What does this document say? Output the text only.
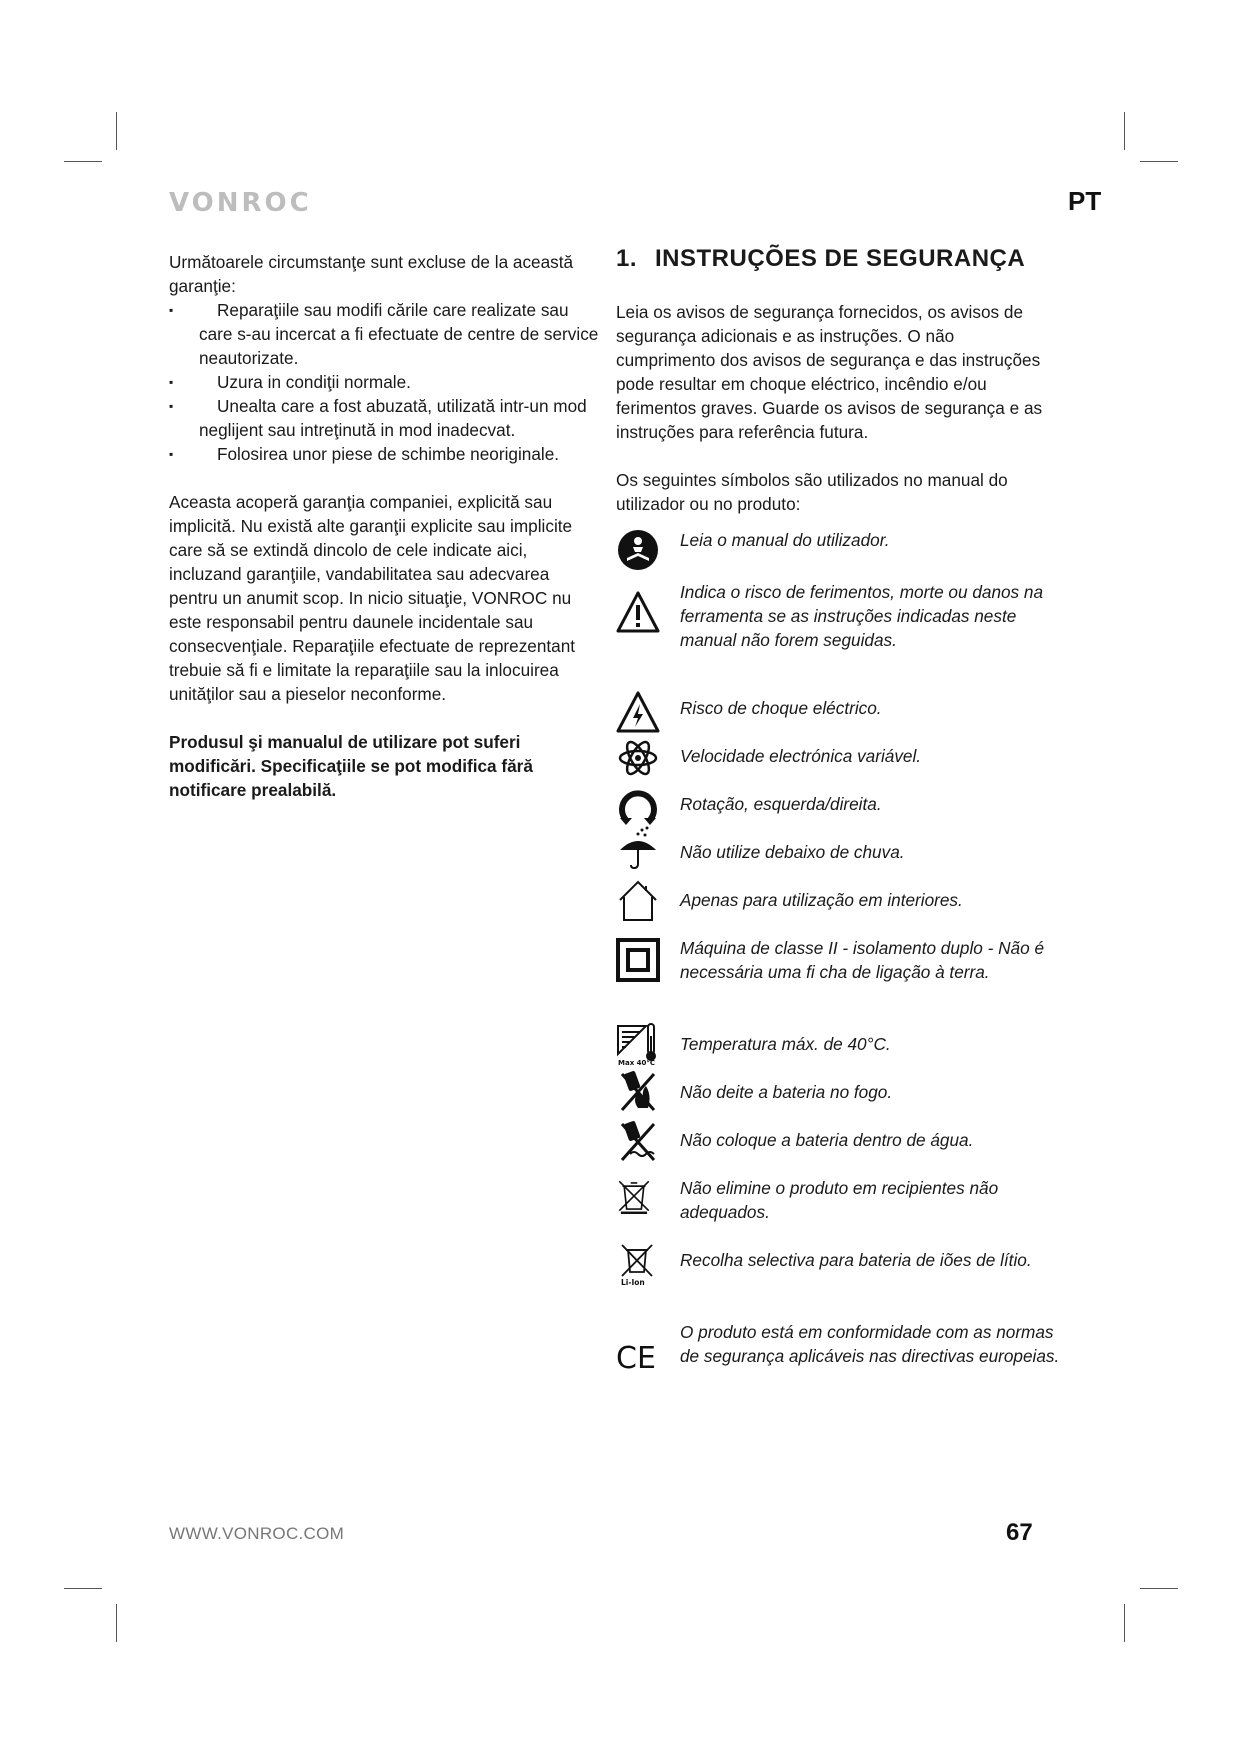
VONROC	PT

Următoarele circumstanţe sunt excluse de la această garanţie:

▪ Reparaţiile sau modifi cările care realizate sau care s-au incercat a fi efectuate de centre de service neautorizate.
▪ Uzura in condiţii normale.
▪ Unealta care a fost abuzată, utilizată intr-un mod neglijent sau intreţinută in mod inadecvat.
▪ Folosirea unor piese de schimbe neoriginale.

Aceasta acoperă garanţia companiei, explicită sau implicită. Nu există alte garanţii explicite sau implicite care să se extindă dincolo de cele indicate aici, incluzand garanţiile, vandabilitatea sau adecvarea pentru un anumit scop. In nicio situaţie, VONROC nu este responsabil pentru daunele incidentale sau consecvenţiale. Reparaţiile efectuate de reprezentant trebuie să fi e limitate la reparaţiile sau la inlocuirea unităţilor sau a pieselor neconforme.

Produsul şi manualul de utilizare pot suferi modificări. Specificaţiile se pot modifica fără notificare prealabilă.

1. INSTRUÇÕES DE SEGURANÇA

Leia os avisos de segurança fornecidos, os avisos de segurança adicionais e as instruções. O não cumprimento dos avisos de segurança e das instruções pode resultar em choque eléctrico, incêndio e/ou ferimentos graves. Guarde os avisos de segurança e as instruções para referência futura.

Os seguintes símbolos são utilizados no manual do utilizador ou no produto:

Leia o manual do utilizador.
Indica o risco de ferimentos, morte ou danos na ferramenta se as instruções indicadas neste manual não forem seguidas.
Risco de choque eléctrico.
Velocidade electrónica variável.
Rotação, esquerda/direita.
Não utilize debaixo de chuva.
Apenas para utilização em interiores.
Máquina de classe II - isolamento duplo - Não é necessária uma fi cha de ligação à terra.
Max 40°C
Temperatura máx. de 40°C.
Não deite a bateria no fogo.
Não coloque a bateria dentro de água.
Não elimine o produto em recipientes não adequados.
Li-Ion
Recolha selectiva para bateria de iões de lítio.
CE
O produto está em conformidade com as normas de segurança aplicáveis nas directivas europeias.
WWW.VONROC.COM	67
